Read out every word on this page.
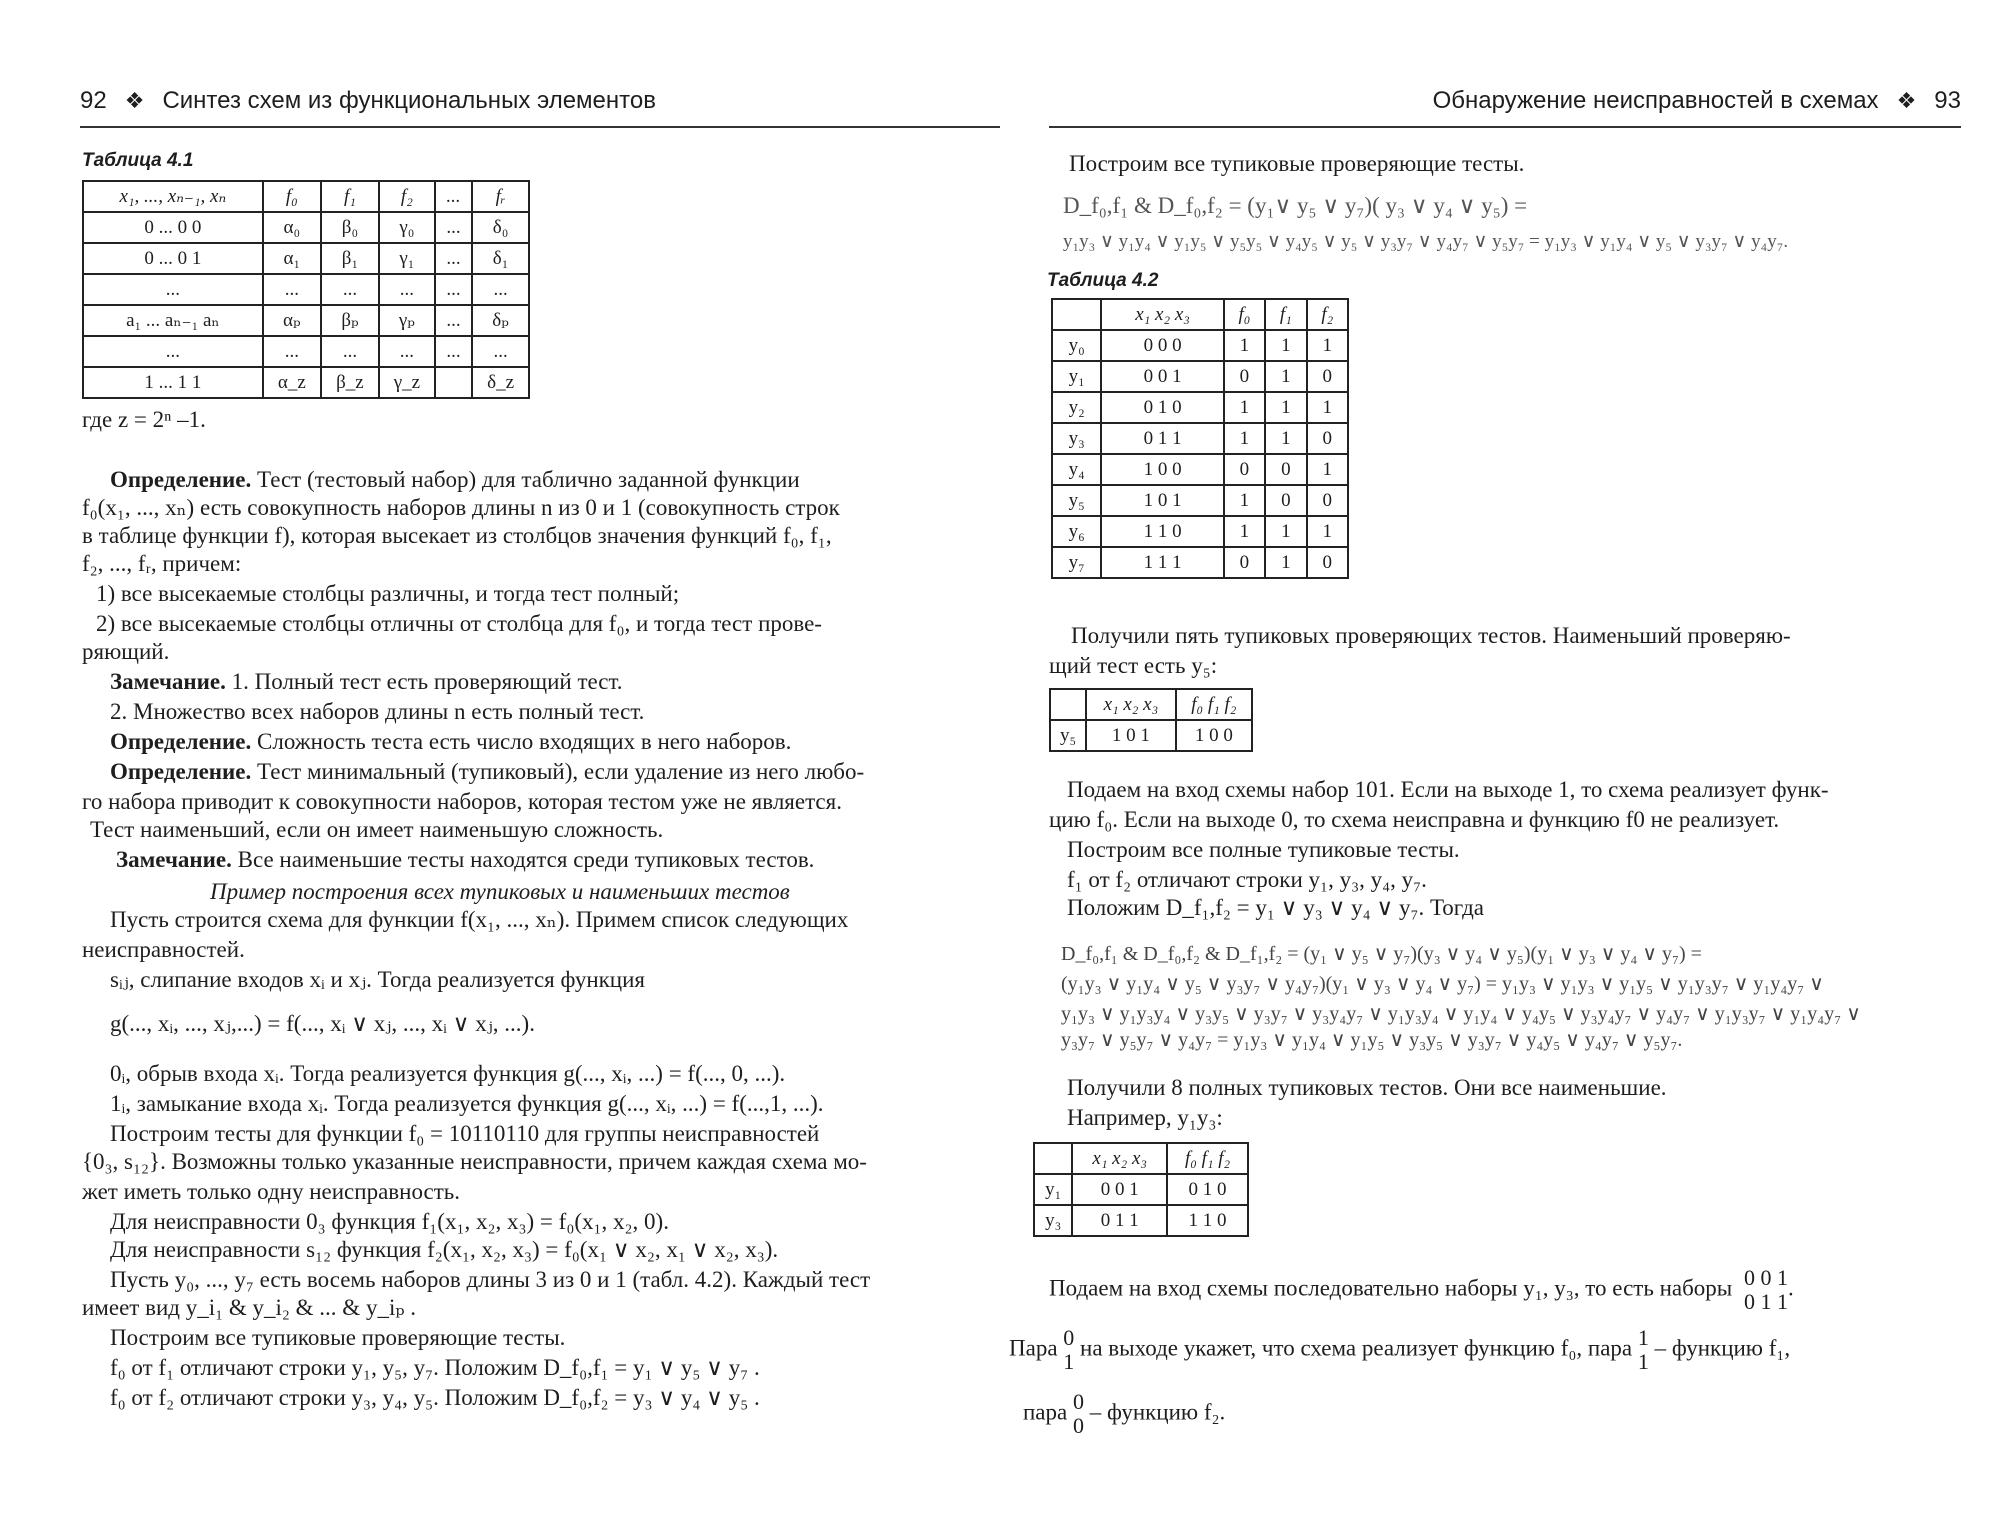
92 ❖ Синтез схем из функциональных элементов
Таблица 4.1
x₁, ..., xₙ₋₁, xₙ	f₀	f₁	f₂	...	fᵣ
0 ... 0 0	α₀	β₀	γ₀	...	δ₀
0 ... 0 1	α₁	β₁	γ₁	...	δ₁
...	...	...	...	...	...
a₁ ... aₙ₋₁ aₙ	αₚ	βₚ	γₚ	...	δₚ
...	...	...	...	...	...
1 ... 1 1	α_z	β_z	γ_z		δ_z
где z = 2ⁿ –1.
Определение. Тест (тестовый набор) для таблично заданной функции
f₀(x₁, ..., xₙ) есть совокупность наборов длины n из 0 и 1 (совокупность строк
в таблице функции f), которая высекает из столбцов значения функций f₀, f₁,
f₂, ..., fᵣ, причем:
1) все высекаемые столбцы различны, и тогда тест полный;
2) все высекаемые столбцы отличны от столбца для f₀, и тогда тест прове-
ряющий.
Замечание. 1. Полный тест есть проверяющий тест.
2. Множество всех наборов длины n есть полный тест.
Определение. Сложность теста есть число входящих в него наборов.
Определение. Тест минимальный (тупиковый), если удаление из него любо-
го набора приводит к совокупности наборов, которая тестом уже не является.
Тест наименьший, если он имеет наименьшую сложность.
Замечание. Все наименьшие тесты находятся среди тупиковых тестов.
Пример построения всех тупиковых и наименьших тестов
Пусть строится схема для функции f(x₁, ..., xₙ). Примем список следующих
неисправностей.
sᵢⱼ, слипание входов xᵢ и xⱼ. Тогда реализуется функция
g(..., xᵢ, ..., xⱼ,...) = f(..., xᵢ ∨ xⱼ, ..., xᵢ ∨ xⱼ, ...).
0ᵢ, обрыв входа xᵢ. Тогда реализуется функция g(..., xᵢ, ...) = f(..., 0, ...).
1ᵢ, замыкание входа xᵢ. Тогда реализуется функция g(..., xᵢ, ...) = f(...,1, ...).
Построим тесты для функции f₀ = 10110110 для группы неисправностей
{0₃, s₁₂}. Возможны только указанные неисправности, причем каждая схема мо-
жет иметь только одну неисправность.
Для неисправности 0₃ функция f₁(x₁, x₂, x₃) = f₀(x₁, x₂, 0).
Для неисправности s₁₂ функция f₂(x₁, x₂, x₃) = f₀(x₁ ∨ x₂, x₁ ∨ x₂, x₃).
Пусть y₀, ..., y₇ есть восемь наборов длины 3 из 0 и 1 (табл. 4.2). Каждый тест
имеет вид y_i₁ & y_i₂ & ... & y_iₚ .
Построим все тупиковые проверяющие тесты.
f₀ от f₁ отличают строки y₁, y₅, y₇. Положим D_f₀,f₁ = y₁ ∨ y₅ ∨ y₇ .
f₀ от f₂ отличают строки y₃, y₄, y₅. Положим D_f₀,f₂ = y₃ ∨ y₄ ∨ y₅ .
Обнаружение неисправностей в схемах ❖ 93
Построим все тупиковые проверяющие тесты.
D_f₀,f₁ & D_f₀,f₂ = (y₁∨ y₅ ∨ y₇)( y₃ ∨ y₄ ∨ y₅) =
y₁y₃ ∨ y₁y₄ ∨ y₁y₅ ∨ y₅y₅ ∨ y₄y₅ ∨ y₅ ∨ y₃y₇ ∨ y₄y₇ ∨ y₅y₇ = y₁y₃ ∨ y₁y₄ ∨ y₅ ∨ y₃y₇ ∨ y₄y₇.
Таблица 4.2
	x₁ x₂ x₃	f₀	f₁	f₂
y₀	0 0 0	1	1	1
y₁	0 0 1	0	1	0
y₂	0 1 0	1	1	1
y₃	0 1 1	1	1	0
y₄	1 0 0	0	0	1
y₅	1 0 1	1	0	0
y₆	1 1 0	1	1	1
y₇	1 1 1	0	1	0
Получили пять тупиковых проверяющих тестов. Наименьший проверяю-
щий тест есть y₅:
	x₁ x₂ x₃	f₀ f₁ f₂
y₅	1 0 1	1 0 0
Подаем на вход схемы набор 101. Если на выходе 1, то схема реализует функ-
цию f₀. Если на выходе 0, то схема неисправна и функцию f0 не реализует.
Построим все полные тупиковые тесты.
f₁ от f₂ отличают строки y₁, y₃, y₄, y₇.
Положим D_f₁,f₂ = y₁ ∨ y₃ ∨ y₄ ∨ y₇. Тогда
D_f₀,f₁ & D_f₀,f₂ & D_f₁,f₂ = (y₁ ∨ y₅ ∨ y₇)(y₃ ∨ y₄ ∨ y₅)(y₁ ∨ y₃ ∨ y₄ ∨ y₇) =
(y₁y₃ ∨ y₁y₄ ∨ y₅ ∨ y₃y₇ ∨ y₄y₇)(y₁ ∨ y₃ ∨ y₄ ∨ y₇) = y₁y₃ ∨ y₁y₃ ∨ y₁y₅ ∨ y₁y₃y₇ ∨ y₁y₄y₇ ∨
y₁y₃ ∨ y₁y₃y₄ ∨ y₃y₅ ∨ y₃y₇ ∨ y₃y₄y₇ ∨ y₁y₃y₄ ∨ y₁y₄ ∨ y₄y₅ ∨ y₃y₄y₇ ∨ y₄y₇ ∨ y₁y₃y₇ ∨ y₁y₄y₇ ∨
y₃y₇ ∨ y₅y₇ ∨ y₄y₇ = y₁y₃ ∨ y₁y₄ ∨ y₁y₅ ∨ y₃y₅ ∨ y₃y₇ ∨ y₄y₅ ∨ y₄y₇ ∨ y₅y₇.
Получили 8 полных тупиковых тестов. Они все наименьшие.
Например, y₁y₃:
	x₁ x₂ x₃	f₀ f₁ f₂
y₁	0 0 1	0 1 0
y₃	0 1 1	1 1 0
Подаем на вход схемы последовательно наборы y₁, y₃, то есть наборы 0 0 1
0 1 1.
Пара 0
1 на выходе укажет, что схема реализует функцию f₀, пара 1
1 – функцию f₁,
пара 0
0 – функцию f₂.
